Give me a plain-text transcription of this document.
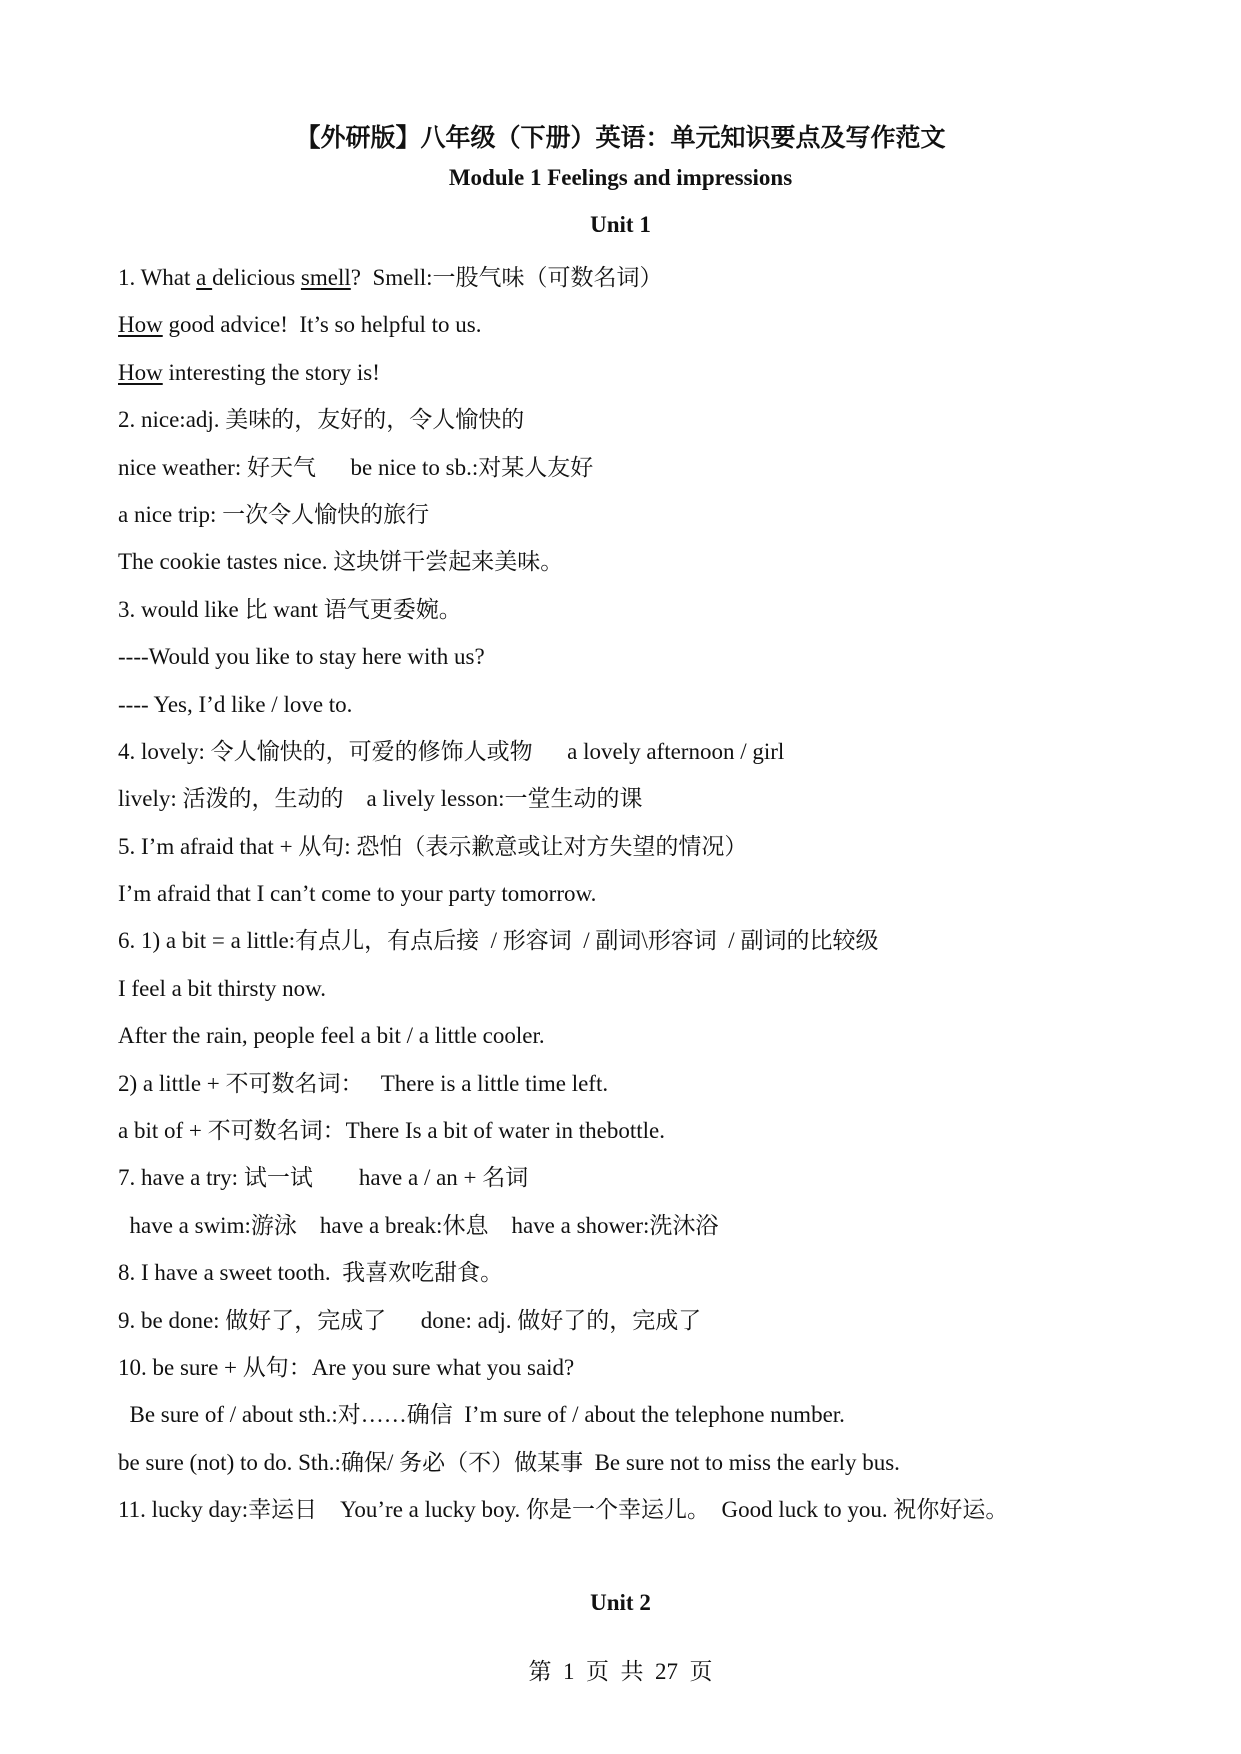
【外研版】八年级（下册）英语：单元知识要点及写作范文
Module 1 Feelings and impressions
Unit 1
1. What a delicious smell?  Smell:一股气味（可数名词）
How good advice!  It’s so helpful to us.
How interesting the story is!
2. nice:adj. 美味的，友好的，令人愉快的
nice weather: 好天气      be nice to sb.:对某人友好
a nice trip: 一次令人愉快的旅行
The cookie tastes nice. 这块饼干尝起来美味。
3. would like 比 want 语气更委婉。
----Would you like to stay here with us?
---- Yes, I’d like / love to.
4. lovely: 令人愉快的，可爱的修饰人或物      a lovely afternoon / girl
lively: 活泼的，生动的    a lively lesson:一堂生动的课
5. I’m afraid that + 从句: 恐怕（表示歉意或让对方失望的情况）
I’m afraid that I can’t come to your party tomorrow.
6. 1) a bit = a little:有点儿，有点后接  / 形容词  / 副词\形容词  / 副词的比较级
I feel a bit thirsty now.
After the rain, people feel a bit / a little cooler.
2) a little + 不可数名词：   There is a little time left.
a bit of + 不可数名词：There Is a bit of water in thebottle.
7. have a try: 试一试        have a / an + 名词
have a swim:游泳    have a break:休息    have a shower:洗沐浴
8. I have a sweet tooth.  我喜欢吃甜食。
9. be done: 做好了，完成了      done: adj. 做好了的，完成了
10. be sure + 从句：Are you sure what you said?
Be sure of / about sth.:对……确信  I’m sure of / about the telephone number.
be sure (not) to do. Sth.:确保/ 务必（不）做某事  Be sure not to miss the early bus.
11. lucky day:幸运日    You’re a lucky boy. 你是一个幸运儿。  Good luck to you. 祝你好运。
Unit 2
第  1  页  共  27  页
